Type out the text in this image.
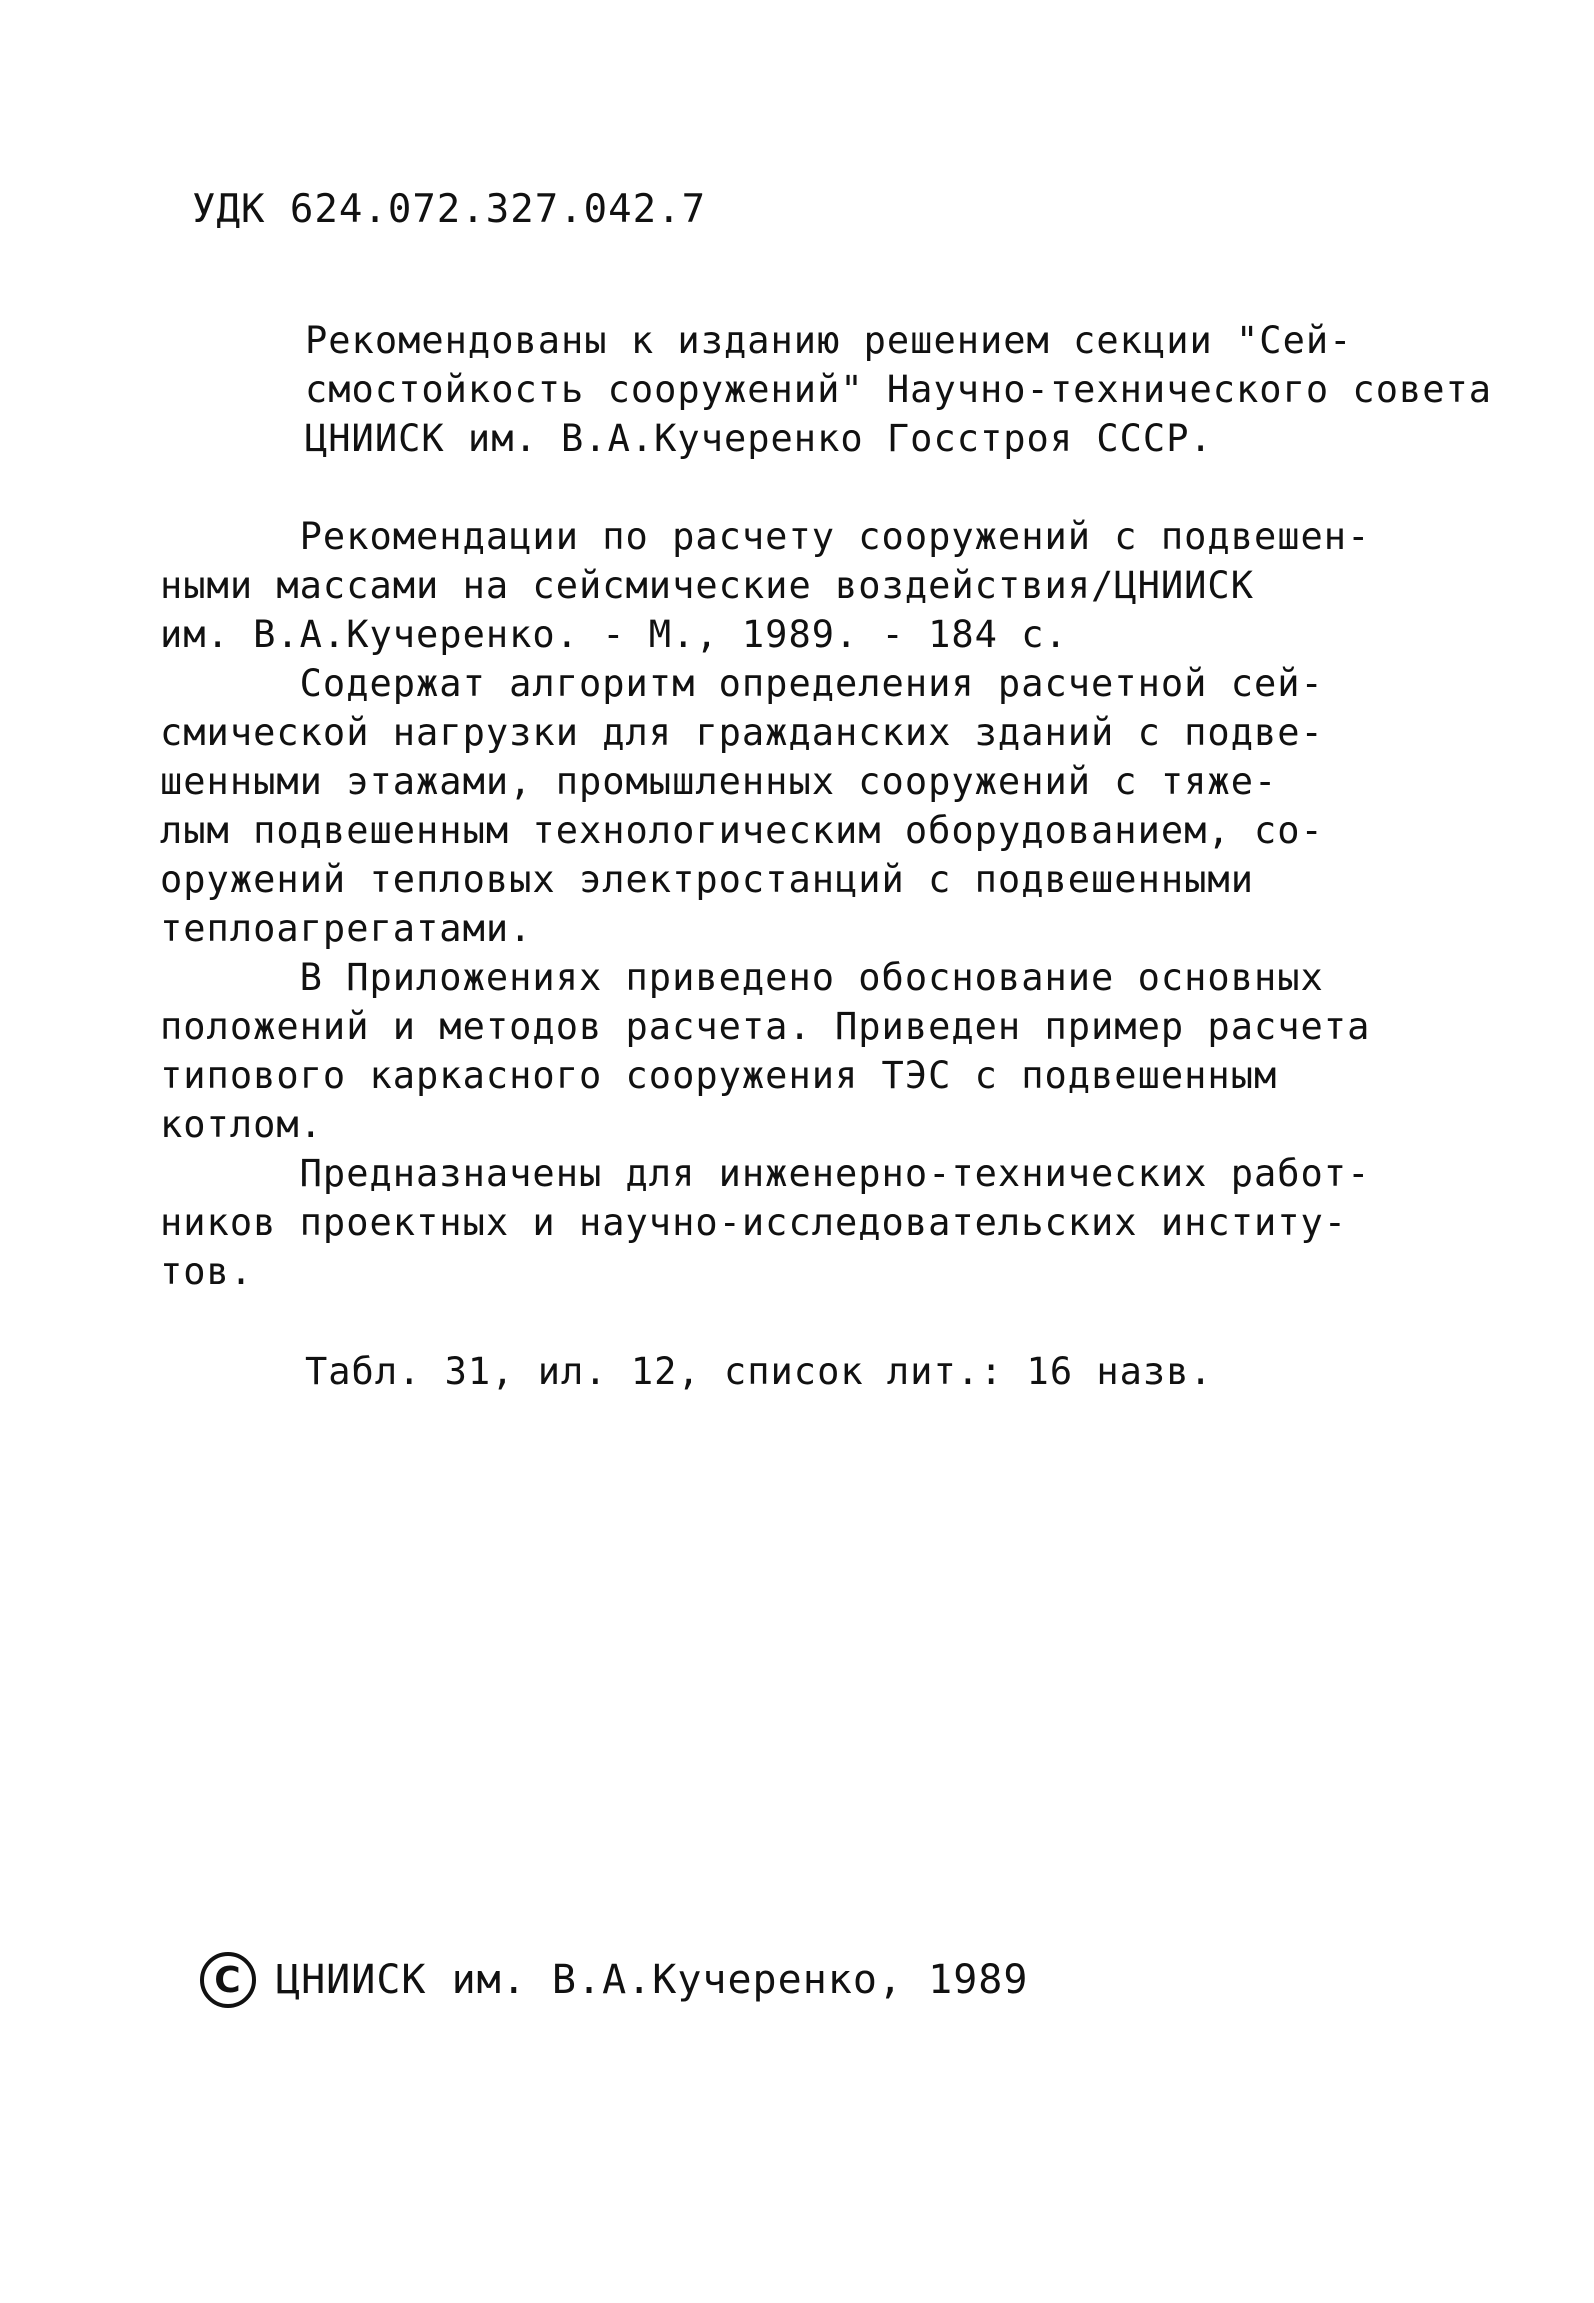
УДК 624.072.327.042.7
Рекомендованы к изданию решением секции "Сей-
смостойкость сооружений" Научно-технического совета
ЦНИИСК им. В.А.Кучеренко Госстроя СССР.
Рекомендации по расчету сооружений с подвешен-
ными массами на сейсмические воздействия/ЦНИИСК
им. В.А.Кучеренко. - М., 1989. - 184 с.
Содержат алгоритм определения расчетной сей-
смической нагрузки для гражданских зданий с подве-
шенными этажами, промышленных сооружений с тяже-
лым подвешенным технологическим оборудованием, со-
оружений тепловых электростанций с подвешенными
теплоагрегатами.
В Приложениях приведено обоснование основных
положений и методов расчета. Приведен пример расчета
типового каркасного сооружения ТЭС с подвешенным
котлом.
Предназначены для инженерно-технических работ-
ников проектных и научно-исследовательских институ-
тов.
Табл. 31, ил. 12, список лит.: 16 назв.
C ЦНИИСК им. В.А.Кучеренко, 1989
